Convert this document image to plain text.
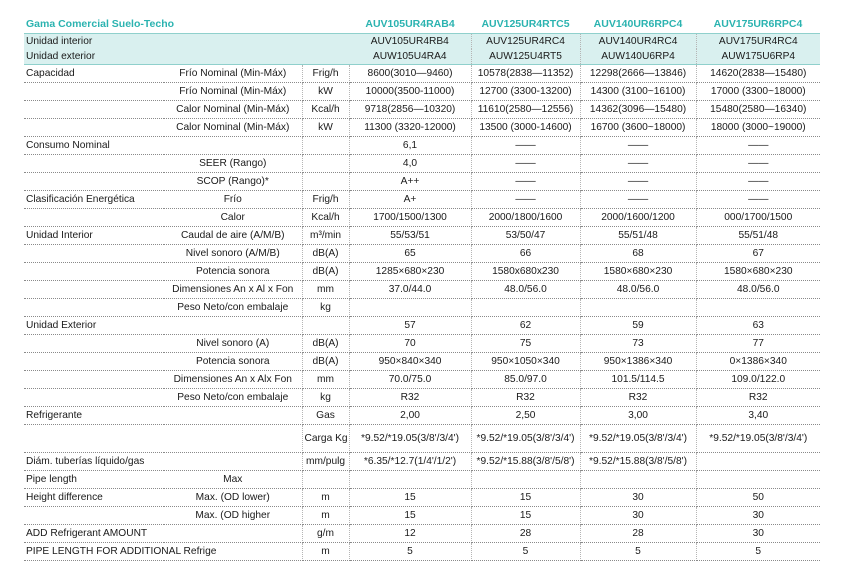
Gama Comercial Suelo-Techo			AUV105UR4RAB4	AUV125UR4RTC5	AUV140UR6RPC4	AUV175UR6RPC4
Unidad interior			AUV105UR4RB4	AUV125UR4RC4	AUV140UR4RC4	AUV175UR4RC4
Unidad exterior			AUW105U4RA4	AUW125U4RT5	AUW140U6RP4	AUW175U6RP4
Capacidad	Frío Nominal (Min-Máx)	Frig/h	8600(3010—9460)	10578(2838—11352)	12298(2666—13846)	14620(2838—15480)
	Frío Nominal (Min-Máx)	kW	10000(3500-11000)	12700 (3300-13200)	14300 (3100~16100)	17000 (3300~18000)
	Calor Nominal (Min-Máx)	Kcal/h	9718(2856—10320)	11610(2580—12556)	14362(3096—15480)	15480(2580—16340)
	Calor Nominal (Min-Máx)	kW	11300 (3320-12000)	13500 (3000-14600)	16700 (3600~18000)	18000 (3000~19000)
Consumo Nominal			6,1	——	——	——
	SEER (Rango)		4,0	——	——	——
	SCOP (Rango)*		A++	——	——	——
Clasificación Energética	Frío	Frig/h	A+	——	——	——
	Calor	Kcal/h	1700/1500/1300	2000/1800/1600	2000/1600/1200	000/1700/1500
Unidad Interior	Caudal de aire (A/M/B)	m³/min	55/53/51	53/50/47	55/51/48	55/51/48
	Nivel sonoro (A/M/B)	dB(A)	65	66	68	67
	Potencia sonora	dB(A)	1285×680×230	1580x680x230	1580×680×230	1580×680×230
	Dimensiones An x Al x Fon	mm	37.0/44.0	48.0/56.0	48.0/56.0	48.0/56.0
	Peso Neto/con embalaje	kg				
Unidad Exterior			57	62	59	63
	Nivel sonoro (A)	dB(A)	70	75	73	77
	Potencia sonora	dB(A)	950×840×340	950×1050×340	950×1386×340	0×1386×340
	Dimensiones An x Alx Fon	mm	70.0/75.0	85.0/97.0	101.5/114.5	109.0/122.0
	Peso Neto/con embalaje	kg	R32	R32	R32	R32
Refrigerante		Gas	2,00	2,50	3,00	3,40
		Carga Kg	*9.52/*19.05(3/8'/3/4')	*9.52/*19.05(3/8'/3/4')	*9.52/*19.05(3/8'/3/4')	*9.52/*19.05(3/8'/3/4')
Diám. tuberías líquido/gas		mm/pulg	*6.35/*12.7(1/4'/1/2')	*9.52/*15.88(3/8'/5/8')	*9.52/*15.88(3/8'/5/8')	
Pipe length	Max					
Height difference	Max. (OD lower)	m	15	15	30	50
	Max. (OD higher	m	15	15	30	30
ADD Refrigerant AMOUNT		g/m	12	28	28	30
PIPE LENGTH FOR ADDITIONAL Refrige		m	5	5	5	5
